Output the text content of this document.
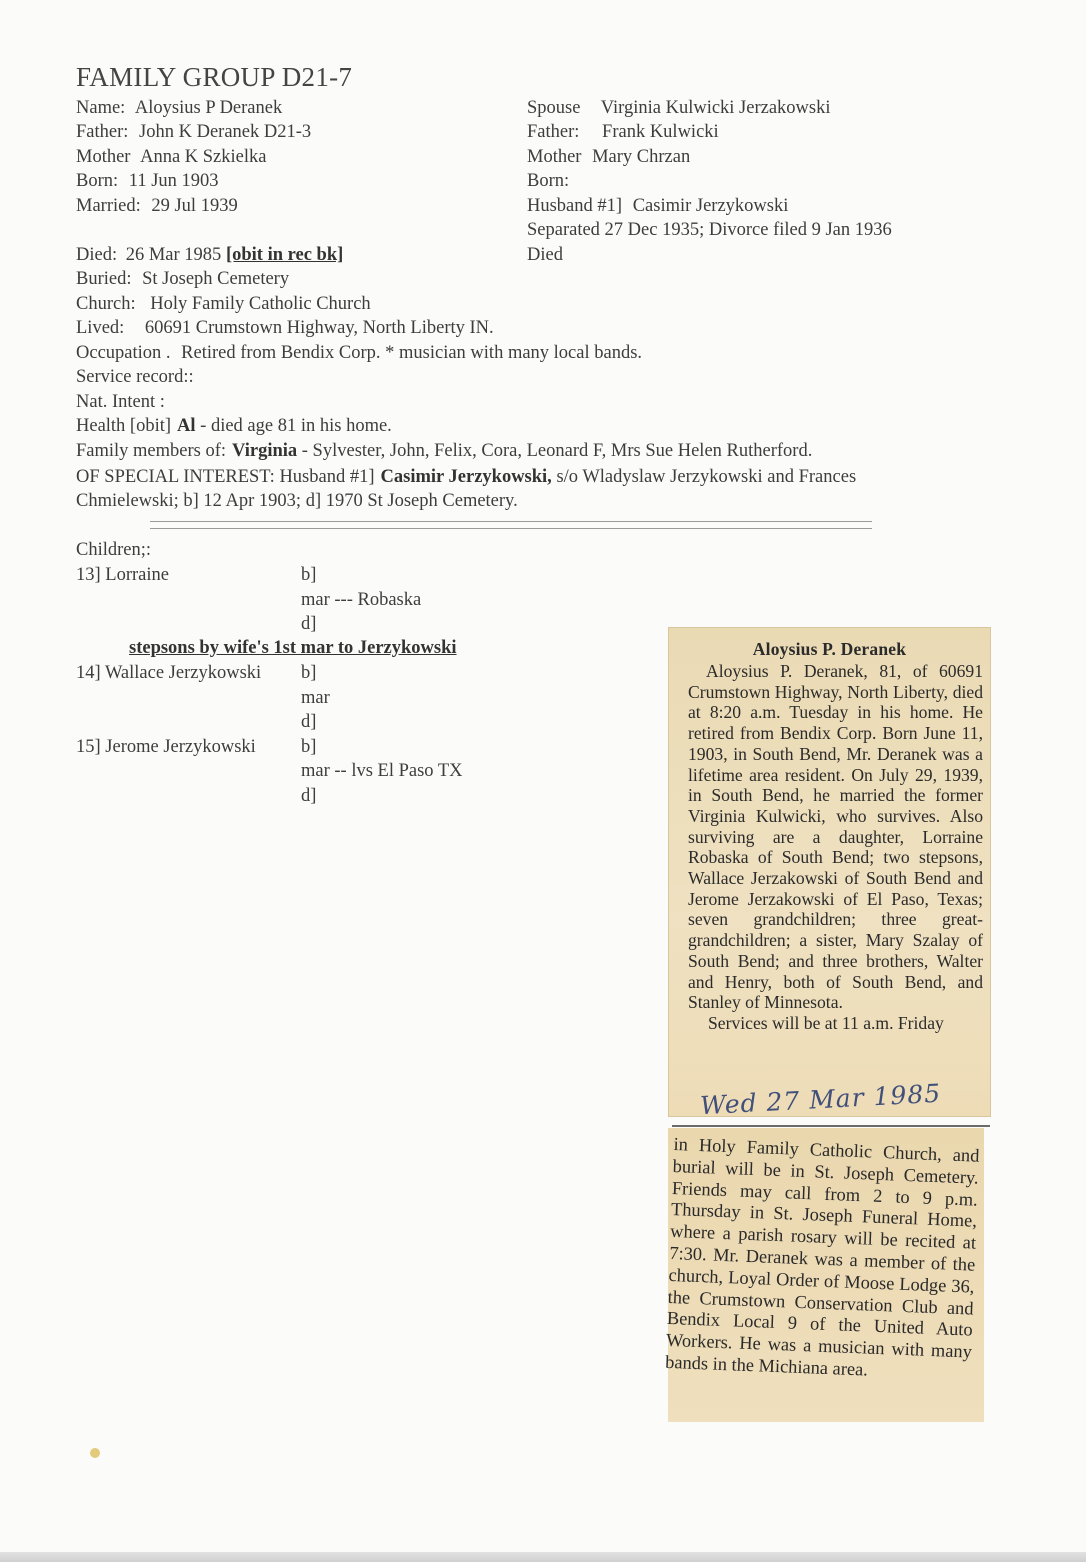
FAMILY GROUP D21-7
Name: Aloysius P Deranek
Father: John K Deranek D21-3
Mother Anna K Szkielka
Born: 11 Jun 1903
Married: 29 Jul 1939
Spouse Virginia Kulwicki Jerzakowski
Father: Frank Kulwicki
Mother Mary Chrzan
Born:
Husband #1] Casimir Jerzykowski
Separated 27 Dec 1935; Divorce filed 9 Jan 1936
Died
Died: 26 Mar 1985 [obit in rec bk]
Buried: St Joseph Cemetery
Church: Holy Family Catholic Church
Lived: 60691 Crumstown Highway, North Liberty IN.
Occupation . Retired from Bendix Corp. * musician with many local bands.
Service record::
Nat. Intent :
Health [obit] Al - died age 81 in his home.
Family members of: Virginia - Sylvester, John, Felix, Cora, Leonard F, Mrs Sue Helen Rutherford.
OF SPECIAL INTEREST: Husband #1] Casimir Jerzykowski, s/o Wladyslaw Jerzykowski and Frances
Chmielewski; b] 12 Apr 1903; d] 1970 St Joseph Cemetery.
Children;:
13] Lorraine	b]
mar --- Robaska
d]
stepsons by wife's 1st mar to Jerzykowski
14] Wallace Jerzykowski b]
mar
d]
15] Jerome Jerzykowski b]
mar -- lvs El Paso TX
d]
Aloysius P. Deranek
Aloysius P. Deranek, 81, of 60691 Crumstown Highway, North Liberty, died at 8:20 a.m. Tuesday in his home. He retired from Bendix Corp. Born June 11, 1903, in South Bend, Mr. Deranek was a lifetime area resident. On July 29, 1939, in South Bend, he married the former Virginia Kulwicki, who survives. Also surviving are a daughter, Lorraine Robaska of South Bend; two stepsons, Wallace Jerzakowski of South Bend and Jerome Jerzakowski of El Paso, Texas; seven grandchildren; three great-grandchildren; a sister, Mary Szalay of South Bend; and three brothers, Walter and Henry, both of South Bend, and Stanley of Minnesota.
Services will be at 11 a.m. Friday
Wed 27 Mar 1985
in Holy Family Catholic Church, and burial will be in St. Joseph Cemetery. Friends may call from 2 to 9 p.m. Thursday in St. Joseph Funeral Home, where a parish rosary will be recited at 7:30. Mr. Deranek was a member of the church, Loyal Order of Moose Lodge 36, the Crumstown Conservation Club and Bendix Local 9 of the United Auto Workers. He was a musician with many bands in the Michiana area.
